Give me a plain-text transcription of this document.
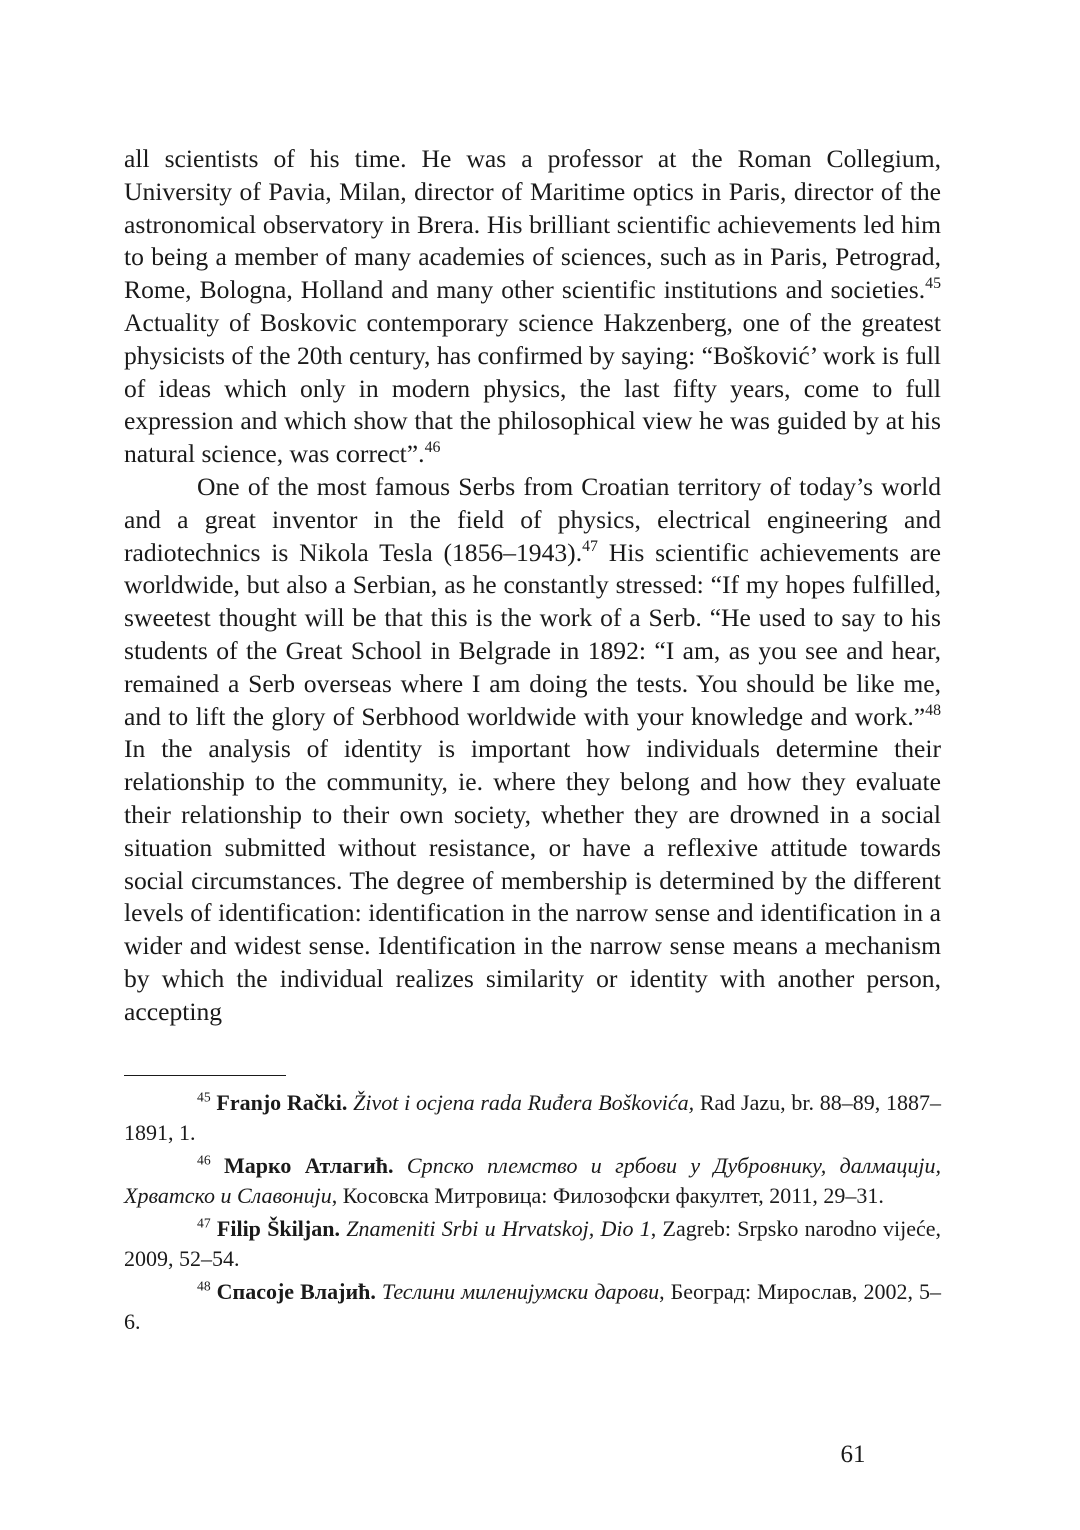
all scientists of his time. He was a professor at the Roman Collegium, University of Pavia, Milan, director of Maritime optics in Paris, director of the astronomical observatory in Brera. His brilliant scientific achievements led him to being a member of many academies of sciences, such as in Paris, Petrograd, Rome, Bologna, Holland and many other scientific institutions and societies.$^{45}$ Actuality of Boskovic contemporary science Hakzenberg, one of the greatest physicists of the 20th century, has confirmed by saying: “Bošković’ work is full of ideas which only in modern physics, the last fifty years, come to full expression and which show that the philosophical view he was guided by at his natural science, was correct”.$^{46}$

One of the most famous Serbs from Croatian territory of today’s world and a great inventor in the field of physics, electrical engineering and radiotechnics is Nikola Tesla (1856–1943).$^{47}$ His scientific achievements are worldwide, but also a Serbian, as he constantly stressed: “If my hopes fulfilled, sweetest thought will be that this is the work of a Serb. “He used to say to his students of the Great School in Belgrade in 1892: “I am, as you see and hear, remained a Serb overseas where I am doing the tests. You should be like me, and to lift the glory of Serbhood worldwide with your knowledge and work.”$^{48}$ In the analysis of identity is important how individuals determine their relationship to the community, ie. where they belong and how they evaluate their relationship to their own society, whether they are drowned in a social situation submitted without resistance, or have a reflexive attitude towards social circumstances. The degree of membership is determined by the different levels of identification: identification in the narrow sense and identification in a wider and widest sense. Identification in the narrow sense means a mechanism by which the individual realizes similarity or identity with another person, accepting

$^{45}$ Franjo Rački. Život i ocjena rada Ruđera Boškovića, Rad Jazu, br. 88–89, 1887–1891, 1.

$^{46}$ Марко Атлагић. Српско племство и грбови у Дубровнику, далмацији, Хрватско и Славонији, Косовска Митровица: Филозофски факултет, 2011, 29–31.

$^{47}$ Filip Škiljan. Znameniti Srbi u Hrvatskoj, Dio 1, Zagreb: Srpsko narodno vijeće, 2009, 52–54.

$^{48}$ Спасоје Влајић. Теслини миленијумски дарови, Београд: Мирослав, 2002, 5–6.

61
